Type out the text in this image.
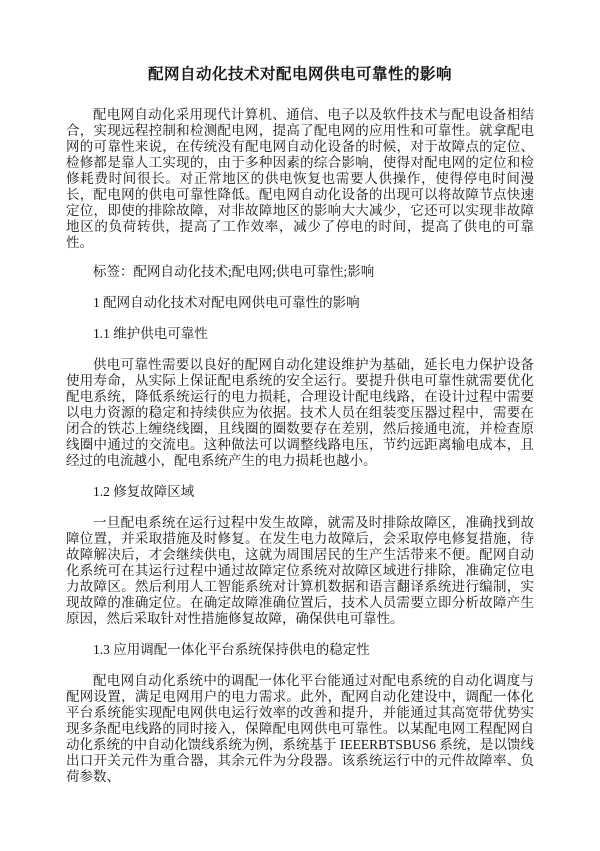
配网自动化技术对配电网供电可靠性的影响

配电网自动化采用现代计算机、通信、电子以及软件技术与配电设备相结合，实现远程控制和检测配电网，提高了配电网的应用性和可靠性。就拿配电网的可靠性来说，在传统没有配电网自动化设备的时候，对于故障点的定位、检修都是靠人工实现的，由于多种因素的综合影响，使得对配电网的定位和检修耗费时间很长。对正常地区的供电恢复也需要人供操作，使得停电时间漫长，配电网的供电可靠性降低。配电网自动化设备的出现可以将故障节点快速定位，即使的排除故障，对非故障地区的影响大大减少，它还可以实现非故障地区的负荷转供，提高了工作效率，减少了停电的时间，提高了供电的可靠性。

标签：配网自动化技术;配电网;供电可靠性;影响

1 配网自动化技术对配电网供电可靠性的影响
1.1 维护供电可靠性

供电可靠性需要以良好的配网自动化建设维护为基础，延长电力保护设备使用寿命，从实际上保证配电系统的安全运行。要提升供电可靠性就需要优化配电系统，降低系统运行的电力损耗，合理设计配电线路，在设计过程中需要以电力资源的稳定和持续供应为依据。技术人员在组装变压器过程中，需要在闭合的铁芯上缠绕线圈，且线圈的圈数要存在差别，然后接通电流，并检查原线圈中通过的交流电。这种做法可以调整线路电压，节约远距离输电成本，且经过的电流越小，配电系统产生的电力损耗也越小。

1.2 修复故障区域

一旦配电系统在运行过程中发生故障，就需及时排除故障区，准确找到故障位置，并采取措施及时修复。在发生电力故障后，会采取停电修复措施，待故障解决后，才会继续供电，这就为周围居民的生产生活带来不便。配网自动化系统可在其运行过程中通过故障定位系统对故障区域进行排除，准确定位电力故障区。然后利用人工智能系统对计算机数据和语言翻译系统进行编制，实现故障的准确定位。在确定故障准确位置后，技术人员需要立即分析故障产生原因，然后采取针对性措施修复故障，确保供电可靠性。

1.3 应用调配一体化平台系统保持供电的稳定性

配电网自动化系统中的调配一体化平台能通过对配电系统的自动化调度与配网设置，满足电网用户的电力需求。此外，配网自动化建设中，调配一体化平台系统能实现配电网供电运行效率的改善和提升，并能通过其高宽带优势实现多条配电线路的同时接入，保障配电网供电可靠性。以某配电网工程配网自动化系统的中自动化馈线系统为例，系统基于 IEEERBTSBUS6 系统，是以馈线出口开关元件为重合器，其余元件为分段器。该系统运行中的元件故障率、负荷参数、
